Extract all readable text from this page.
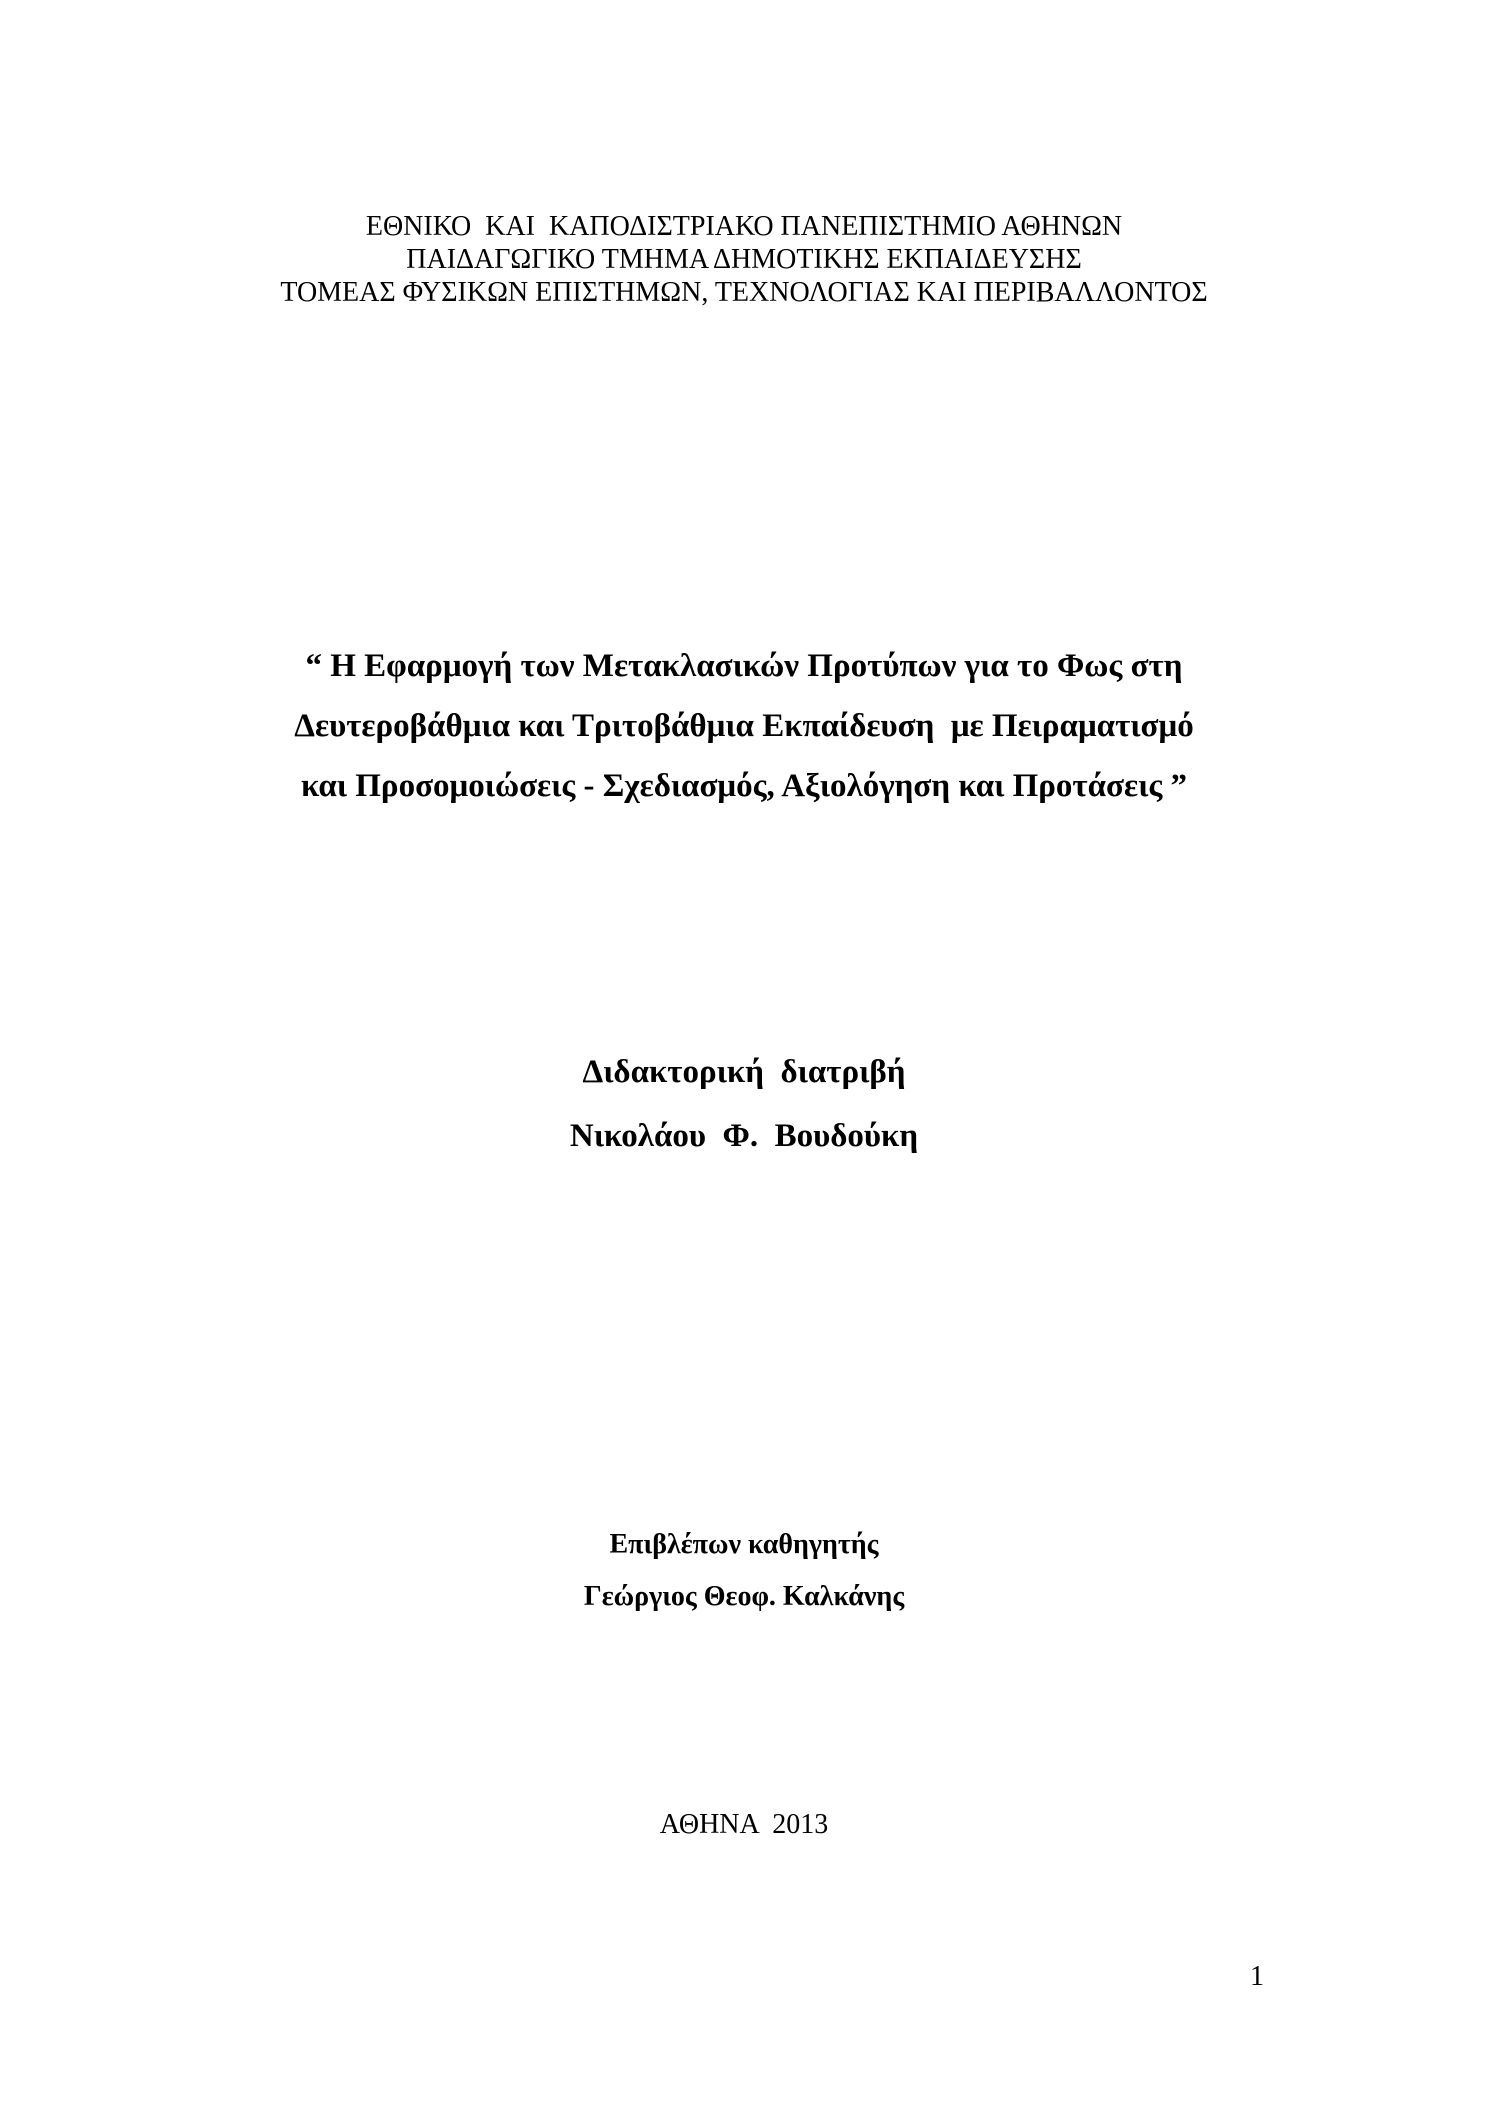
ΕΘΝΙΚΟ  ΚΑΙ  ΚΑΠΟΔΙΣΤΡΙΑΚΟ ΠΑΝΕΠΙΣΤΗΜΙΟ ΑΘΗΝΩΝ
ΠΑΙΔΑΓΩΓΙΚΟ ΤΜΗΜΑ ΔΗΜΟΤΙΚΗΣ ΕΚΠΑΙΔΕΥΣΗΣ
ΤΟΜΕΑΣ ΦΥΣΙΚΩΝ ΕΠΙΣΤΗΜΩΝ, ΤΕΧΝΟΛΟΓΙΑΣ ΚΑΙ ΠΕΡΙΒΑΛΛΟΝΤΟΣ
“ Η Εφαρμογή των Μετακλασικών Προτύπων για το Φως στη
Δευτεροβάθμια και Τριτοβάθμια Εκπαίδευση  με Πειραματισμό
και Προσομοιώσεις - Σχεδιασμός, Αξιολόγηση και Προτάσεις ”
Διδακτορική  διατριβή
Νικολάου  Φ.  Βουδούκη
Επιβλέπων καθηγητής
Γεώργιος Θεοφ. Καλκάνης
ΑΘΗΝΑ  2013
1
